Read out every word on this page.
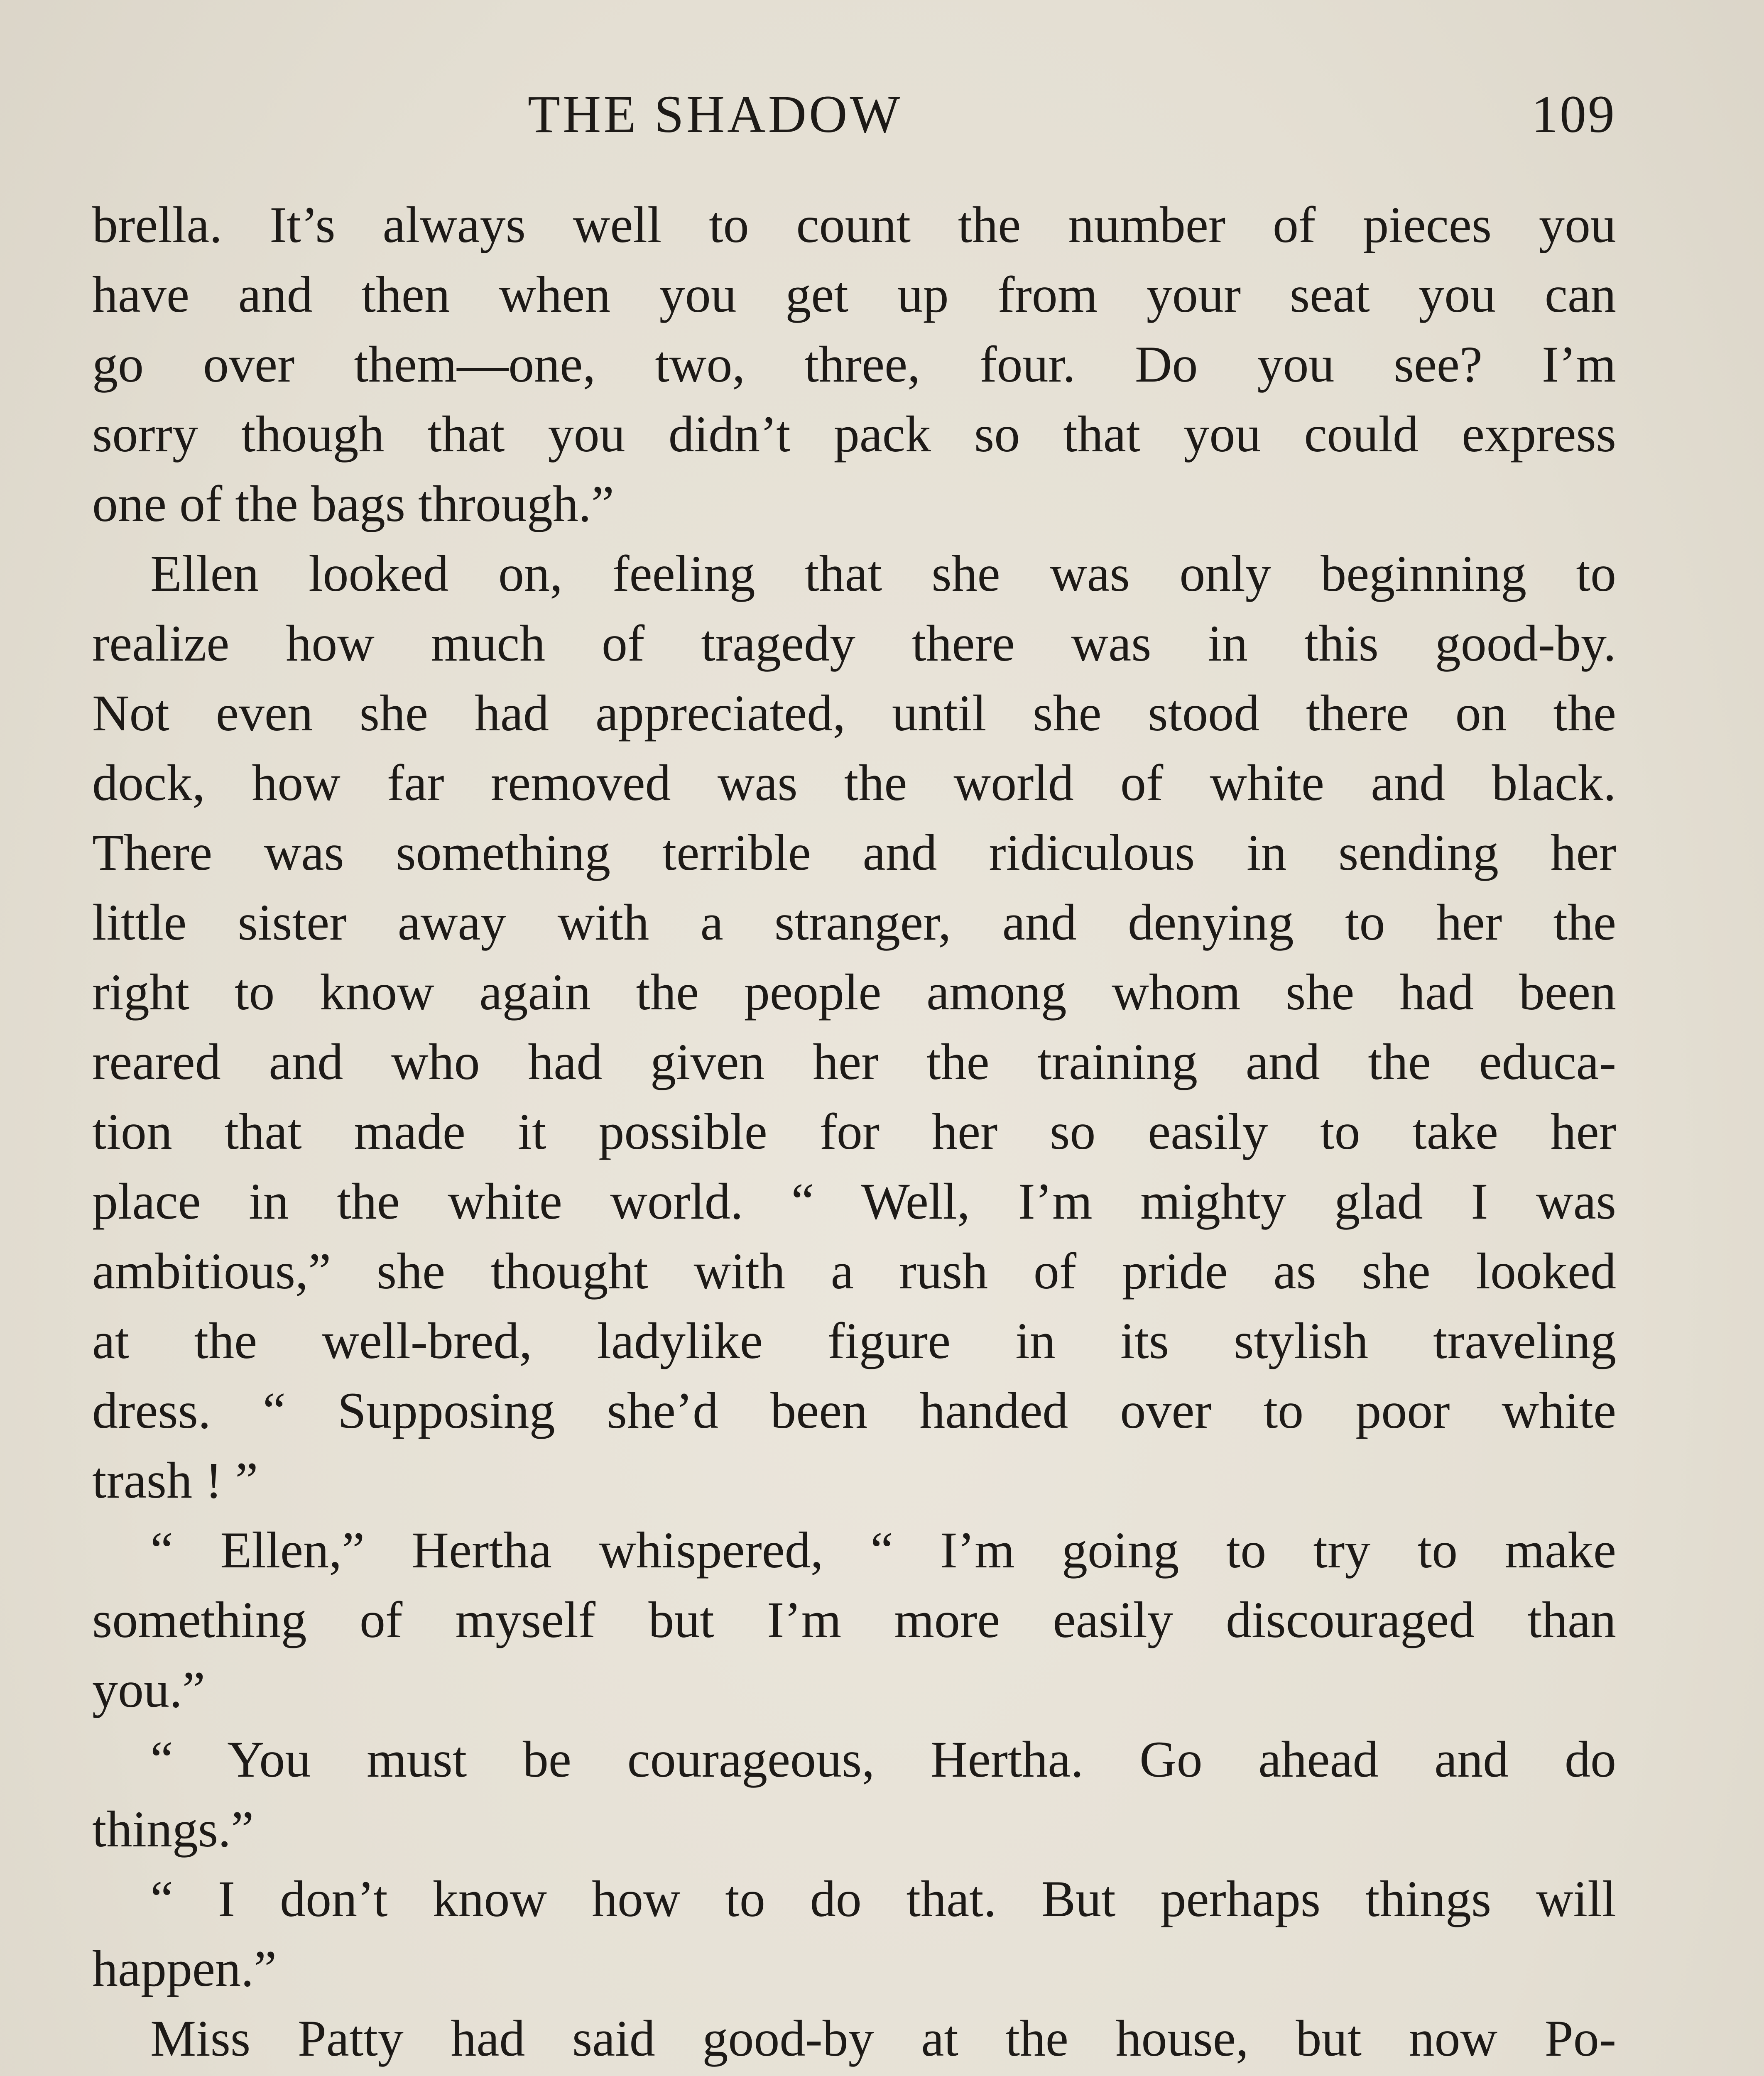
THE SHADOW	109
brella. It’s always well to count the number of pieces you
have and then when you get up from your seat you can
go over them—one, two, three, four. Do you see? I’m
sorry though that you didn’t pack so that you could express
one of the bags through.”
Ellen looked on, feeling that she was only beginning to
realize how much of tragedy there was in this good-by.
Not even she had appreciated, until she stood there on the
dock, how far removed was the world of white and black.
There was something terrible and ridiculous in sending her
little sister away with a stranger, and denying to her the
right to know again the people among whom she had been
reared and who had given her the training and the educa-
tion that made it possible for her so easily to take her
place in the white world. “ Well, I’m mighty glad I was
ambitious,” she thought with a rush of pride as she looked
at the well-bred, ladylike figure in its stylish traveling
dress. “ Supposing she’d been handed over to poor white
trash ! ”
“ Ellen,” Hertha whispered, “ I’m going to try to make
something of myself but I’m more easily discouraged than
you.”
“ You must be courageous, Hertha. Go ahead and do
things.”
“ I don’t know how to do that. But perhaps things will
happen.”
Miss Patty had said good-by at the house, but now Po-
